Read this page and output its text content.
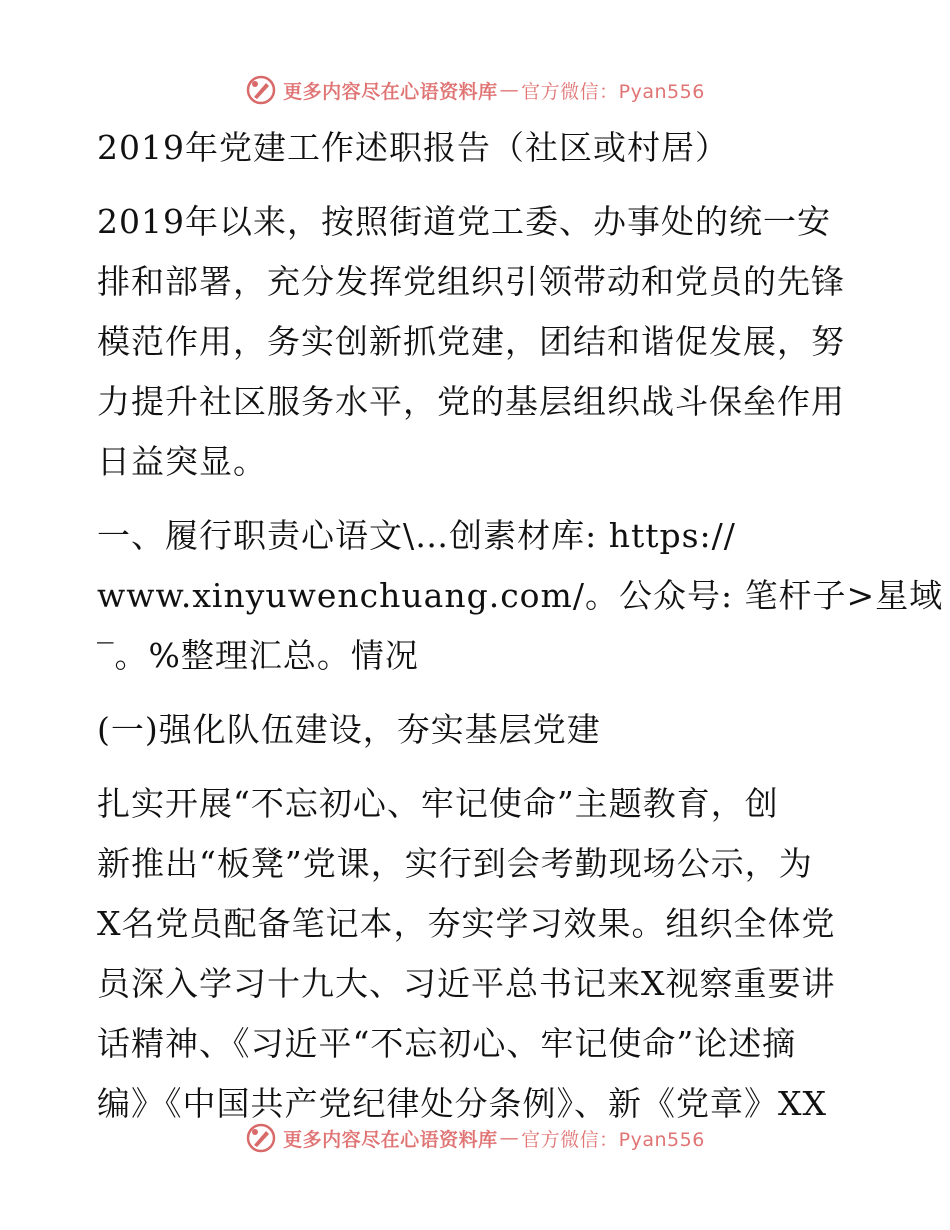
更多内容尽在心语资料库 — 官方微信：Pyan556
2019年党建工作述职报告（社区或村居）
2019年以来，按照街道党工委、办事处的统一安
排和部署，充分发挥党组织引领带动和党员的先锋
模范作用，务实创新抓党建，团结和谐促发展，努
力提升社区服务水平，党的基层组织战斗保垒作用
日益突显。
一、履行职责心语文\…创素材库: https://
www.xinyuwenchuang.com/。公众号: 笔杆子>星域
‾。%整理汇总。情况
(一)强化队伍建设，夯实基层党建
扎实开展“不忘初心、牢记使命”主题教育，创
新推出“板凳”党课，实行到会考勤现场公示，为
X名党员配备笔记本，夯实学习效果。组织全体党
员深入学习十九大、习近平总书记来X视察重要讲
话精神、《习近平“不忘初心、牢记使命”论述摘
编》《中国共产党纪律处分条例》、新《党章》XX
更多内容尽在心语资料库 — 官方微信：Pyan556
